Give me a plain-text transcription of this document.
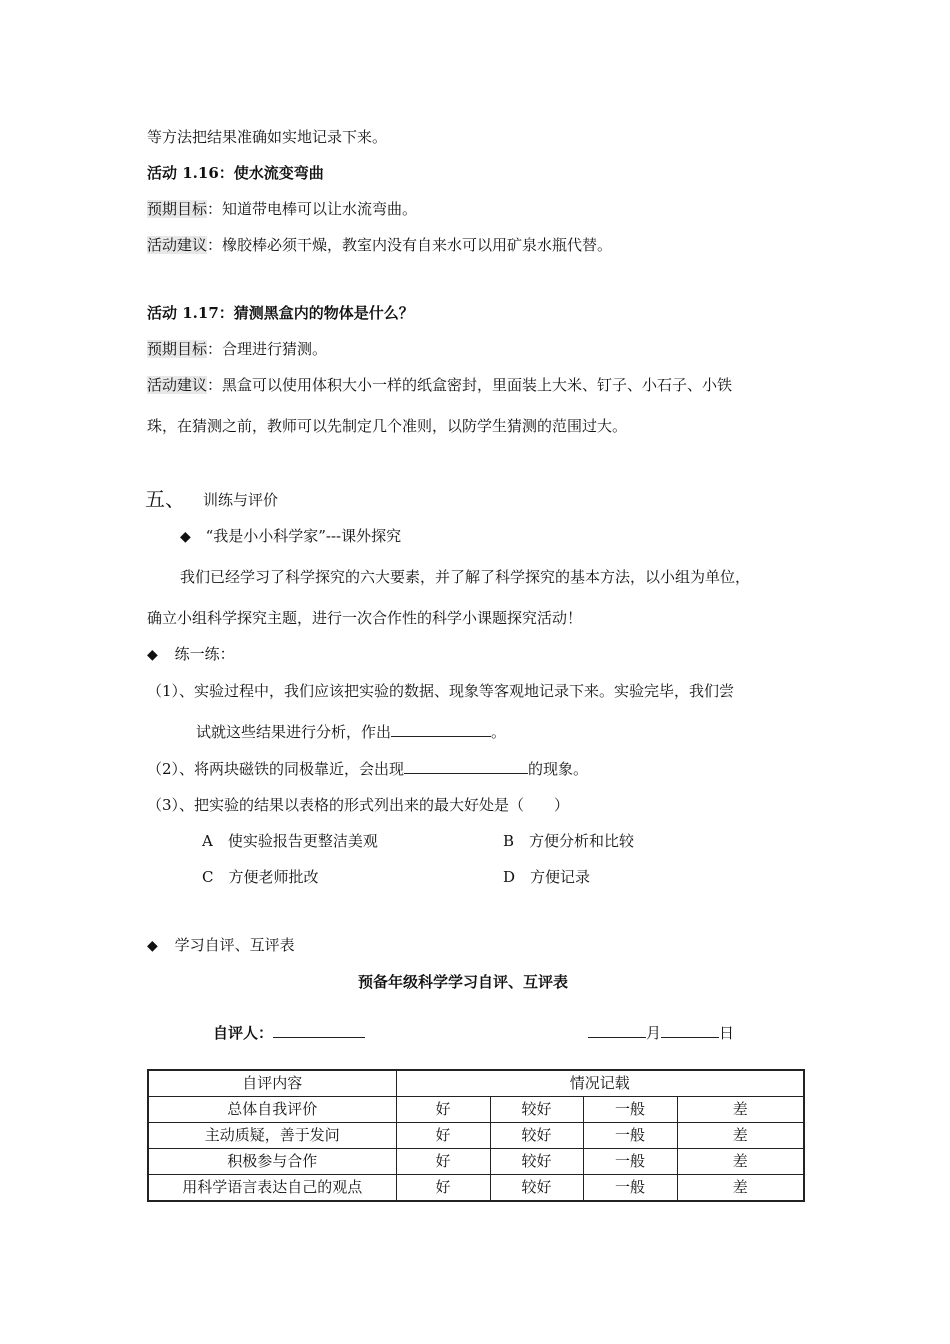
等方法把结果准确如实地记录下来。
活动 1.16：使水流变弯曲
预期目标：知道带电棒可以让水流弯曲。
活动建议：橡胶棒必须干燥，教室内没有自来水可以用矿泉水瓶代替。
活动 1.17：猜测黑盒内的物体是什么？
预期目标：合理进行猜测。
活动建议：黑盒可以使用体积大小一样的纸盒密封，里面装上大米、钉子、小石子、小铁
珠，在猜测之前，教师可以先制定几个准则，以防学生猜测的范围过大。
五、 训练与评价
◆ “我是小小科学家”---课外探究
我们已经学习了科学探究的六大要素，并了解了科学探究的基本方法，以小组为单位，
确立小组科学探究主题，进行一次合作性的科学小课题探究活动！
◆ 练一练：
（1）、实验过程中，我们应该把实验的数据、现象等客观地记录下来。实验完毕，我们尝
试就这些结果进行分析，作出	。
（2）、将两块磁铁的同极靠近，会出现	的现象。
（3）、把实验的结果以表格的形式列出来的最大好处是（　　）
A　使实验报告更整洁美观	B　方便分析和比较
C　方便老师批改	D　方便记录
◆ 学习自评、互评表
预备年级科学学习自评、互评表
自评人：	月	日
自评内容	情况记载			
总体自我评价	好	较好	一般	差
主动质疑，善于发问	好	较好	一般	差
积极参与合作	好	较好	一般	差
用科学语言表达自己的观点	好	较好	一般	差
